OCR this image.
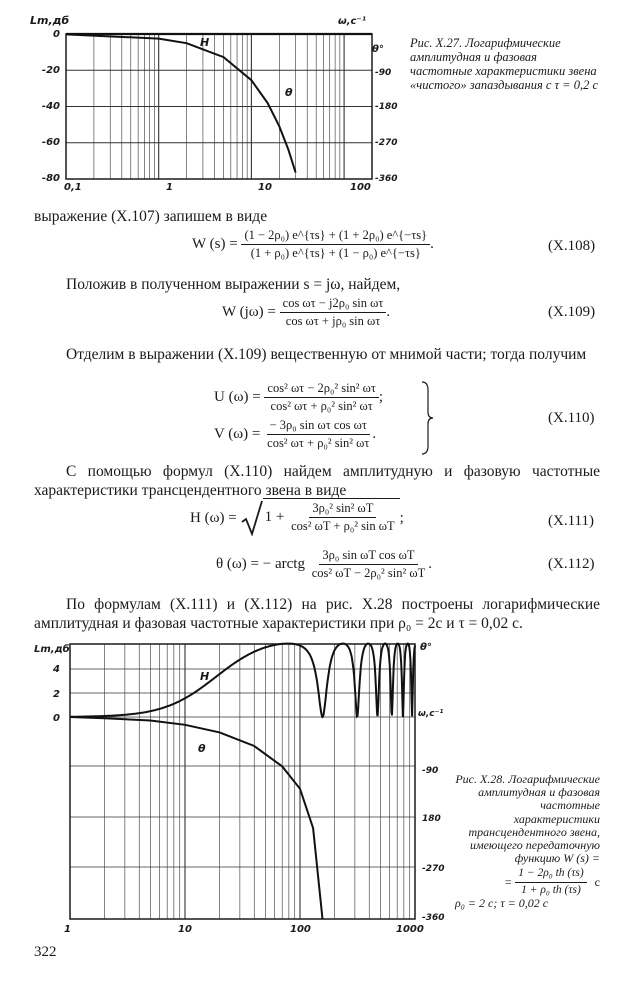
Lm,дб	ω,c⁻¹
θ°
0
-20
-40
-60
-80
0,1	1	10	100
-90
-180
-270
-360
H
θ
Рис. X.27. Логарифмические амплитудная и фазовая частотные характеристики звена «чистого» запаздывания с τ = 0,2 с
выражение (X.107) запишем в виде
W $(s) = \frac{\text{(1 − 2ρ₀) e\textasciicircum{}\{τs\} + (1 + 2ρ₀) e\textasciicircum{}\{−τs\}}}{\text{(1 + ρ₀) e\textasciicircum{}\{τs\} + (1 − ρ₀) e\textasciicircum{}\{−τs\}}}$ .	(X.108)
Положив в полученном выражении s = jω, найдем,
W $(j\omega) = \frac{\text{cos ωτ − j2ρ₀ sin ωτ}}{\text{cos ωτ + jρ₀ sin ωτ}}$ .	(X.109)
Отделим в выражении (X.109) вещественную от мнимой части; тогда получим
U $(\omega) = \frac{\text{cos² ωτ − 2ρ₀² sin² ωτ}}{\text{cos² ωτ + ρ₀² sin² ωτ}}$ ;
V $(\omega) = \frac{\text{− 3ρ₀ sin ωτ cos ωτ}}{\text{cos² ωτ + ρ₀² sin² ωτ}}$ .
(X.110)
С помощью формул (X.110) найдем амплитудную и фазовую частотные характеристики трансцендентного звена в виде
H (ω) = 1 +
$\frac{\text{3ρ₀² sin² ωT}}{\text{cos² ωT + ρ₀² sin ωT}}$ ;	(X.111)
θ (ω) = − arctg $\frac{\text{3ρ₀ sin ωT cos ωT}}{\text{cos² ωT − 2ρ₀² sin² ωT}}$ .	(X.112)
По формулам (X.111) и (X.112) на рис. X.28 построены логарифмические амплитудная и фазовая частотные характеристики при ρ₀ = 2c и τ = 0,02 с.
Lm,дб	θ°
ω,c⁻¹
4
2
0
-90
180
-270
-360
1	10	100	1000
H
θ
Рис. X.28. Логарифмические амплитудная и фазовая частотные характеристики трансцендентного звена, имеющего передаточную функцию W (s) =
= $\frac{\text{1 − 2ρ₀ th (τs)}}{\text{1 + ρ₀ th (τs)}}$ c
ρ₀ = 2 с; τ = 0,02 с
322
